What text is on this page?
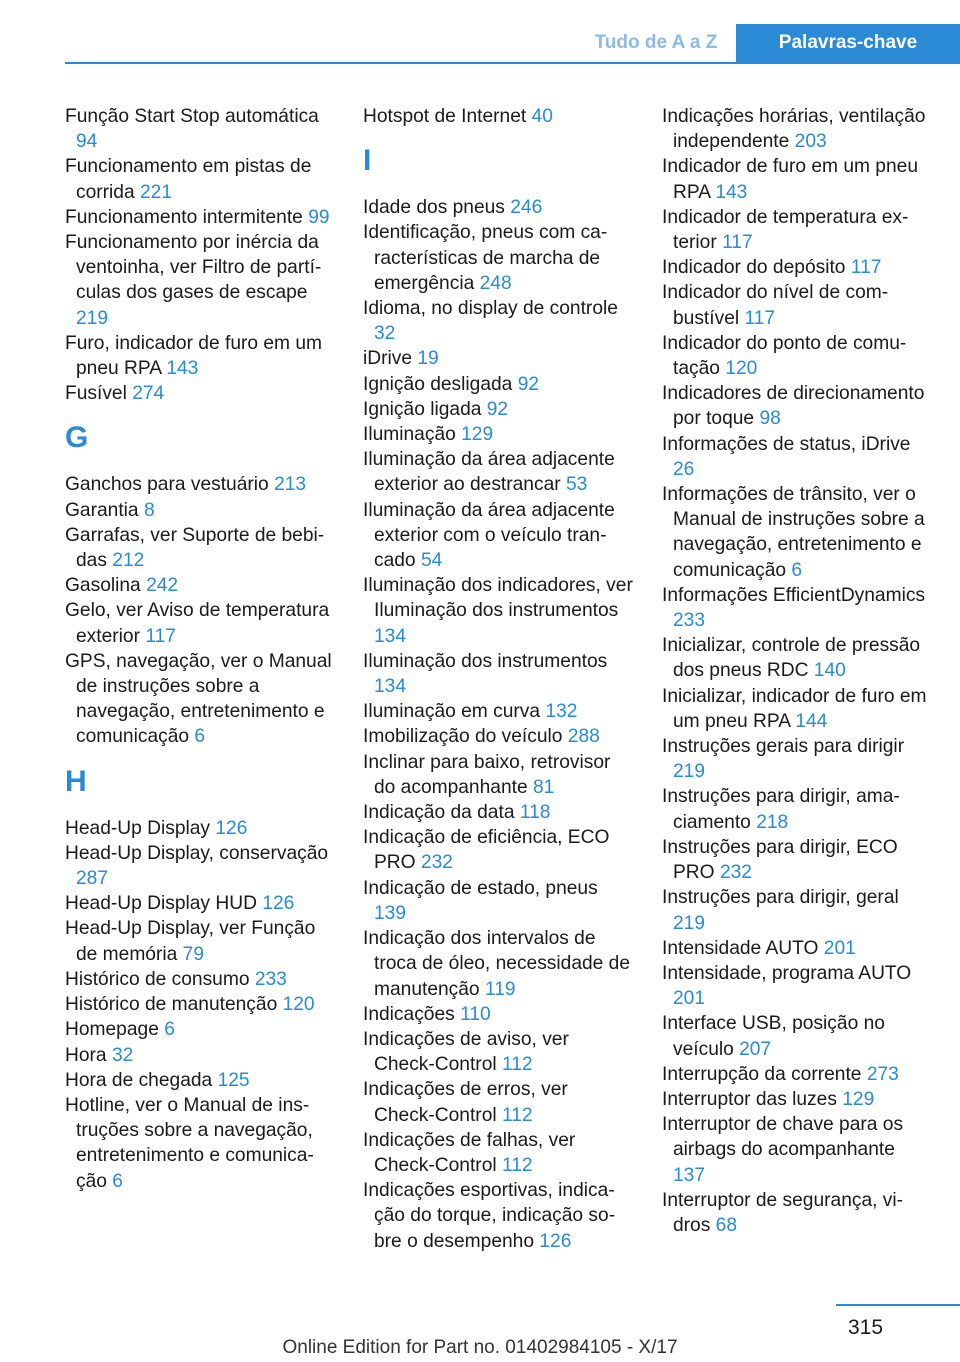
Tudo de A a Z	Palavras-chave
Função Start Stop automática 94
Funcionamento em pistas de corrida 221
Funcionamento intermitente 99
Funcionamento por inércia da ventoinha, ver Filtro de partículas dos gases de escape 219
Furo, indicador de furo em um pneu RPA 143
Fusível 274
G
Ganchos para vestuário 213
Garantia 8
Garrafas, ver Suporte de bebidas 212
Gasolina 242
Gelo, ver Aviso de temperatura exterior 117
GPS, navegação, ver o Manual de instruções sobre a navegação, entretenimento e comunicação 6
H
Head-Up Display 126
Head-Up Display, conservação 287
Head-Up Display HUD 126
Head-Up Display, ver Função de memória 79
Histórico de consumo 233
Histórico de manutenção 120
Homepage 6
Hora 32
Hora de chegada 125
Hotline, ver o Manual de instruções sobre a navegação, entretenimento e comunicação 6
Hotspot de Internet 40
I
Idade dos pneus 246
Identificação, pneus com características de marcha de emergência 248
Idioma, no display de controle 32
iDrive 19
Ignição desligada 92
Ignição ligada 92
Iluminação 129
Iluminação da área adjacente exterior ao destrancar 53
Iluminação da área adjacente exterior com o veículo trancado 54
Iluminação dos indicadores, ver Iluminação dos instrumentos 134
Iluminação dos instrumentos 134
Iluminação em curva 132
Imobilização do veículo 288
Inclinar para baixo, retrovisor do acompanhante 81
Indicação da data 118
Indicação de eficiência, ECO PRO 232
Indicação de estado, pneus 139
Indicação dos intervalos de troca de óleo, necessidade de manutenção 119
Indicações 110
Indicações de aviso, ver Check-Control 112
Indicações de erros, ver Check-Control 112
Indicações de falhas, ver Check-Control 112
Indicações esportivas, indicação do torque, indicação sobre o desempenho 126
Indicações horárias, ventilação independente 203
Indicador de furo em um pneu RPA 143
Indicador de temperatura exterior 117
Indicador do depósito 117
Indicador do nível de combustível 117
Indicador do ponto de comutação 120
Indicadores de direcionamento por toque 98
Informações de status, iDrive 26
Informações de trânsito, ver o Manual de instruções sobre a navegação, entretenimento e comunicação 6
Informações EfficientDynamics 233
Inicializar, controle de pressão dos pneus RDC 140
Inicializar, indicador de furo em um pneu RPA 144
Instruções gerais para dirigir 219
Instruções para dirigir, amaciamento 218
Instruções para dirigir, ECO PRO 232
Instruções para dirigir, geral 219
Intensidade AUTO 201
Intensidade, programa AUTO 201
Interface USB, posição no veículo 207
Interrupção da corrente 273
Interruptor das luzes 129
Interruptor de chave para os airbags do acompanhante 137
Interruptor de segurança, vidros 68
315
Online Edition for Part no. 01402984105 - X/17
